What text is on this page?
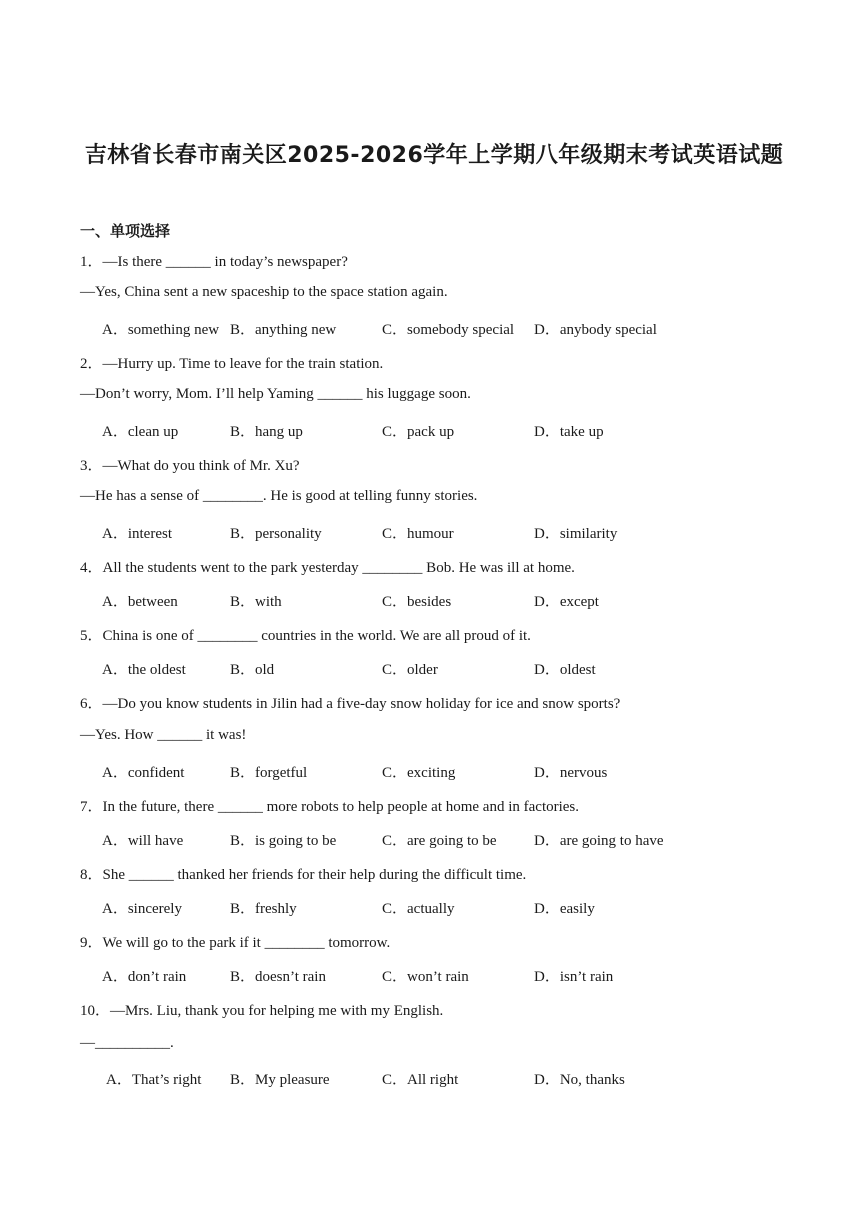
吉林省长春市南关区2025-2026学年上学期八年级期末考试英语试题
一、单项选择
1．—Is there ______ in today’s newspaper?
—Yes, China sent a new spaceship to the space station again.
A．something new B．anything new	C．somebody special D．anybody special
2．—Hurry up. Time to leave for the train station.
—Don’t worry, Mom. I’ll help Yaming ______ his luggage soon.
A．clean up	B．hang up	C．pack up	D．take up
3．—What do you think of Mr. Xu?
—He has a sense of ________. He is good at telling funny stories.
A．interest	B．personality	C．humour	D．similarity
4．All the students went to the park yesterday ________ Bob. He was ill at home.
A．between	B．with	C．besides	D．except
5．China is one of ________ countries in the world. We are all proud of it.
A．the oldest	B．old	C．older	D．oldest
6．—Do you know students in Jilin had a five-day snow holiday for ice and snow sports?
—Yes. How ______ it was!
A．confident	B．forgetful	C．exciting	D．nervous
7．In the future, there ______ more robots to help people at home and in factories.
A．will have	B．is going to be	C．are going to be D．are going to have
8．She ______ thanked her friends for their help during the difficult time.
A．sincerely	B．freshly	C．actually	D．easily
9．We will go to the park if it ________ tomorrow.
A．don’t rain	B．doesn’t rain	C．won’t rain	D．isn’t rain
10．—Mrs. Liu, thank you for helping me with my English.
—__________.
A．That’s right B．My pleasure	C．All right	D．No, thanks
